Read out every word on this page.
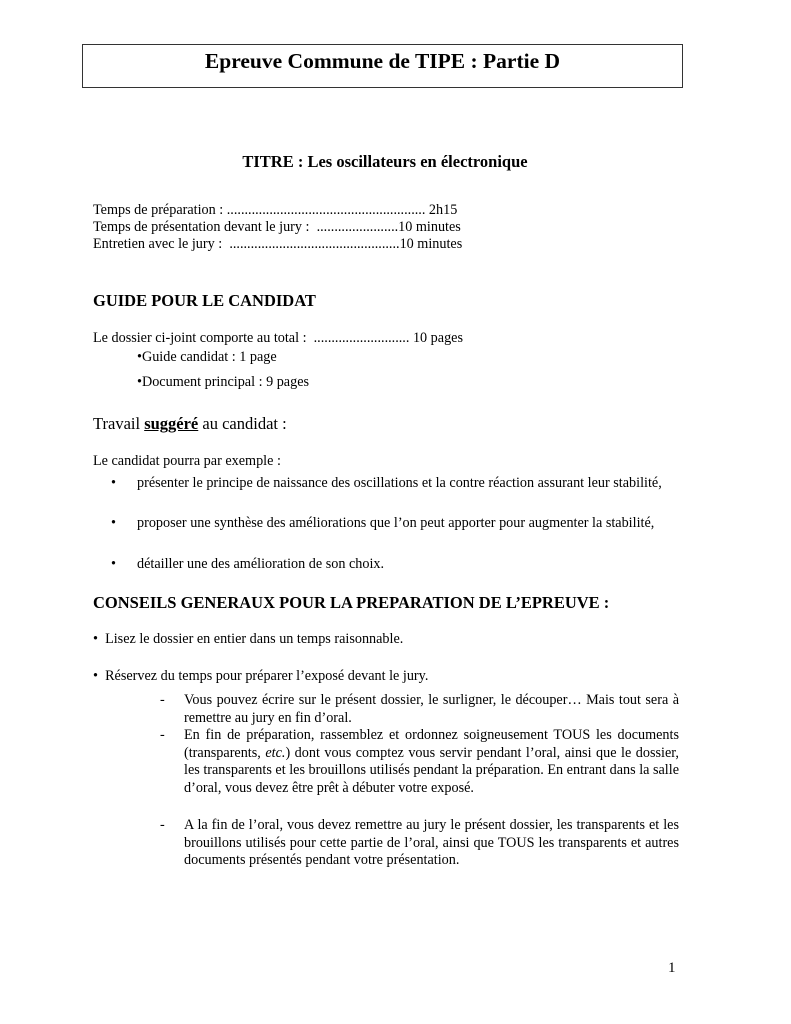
Epreuve Commune de TIPE : Partie D
TITRE : Les oscillateurs en électronique
Temps de préparation : ........................................................ 2h15
Temps de présentation devant le jury :  .......................10 minutes
Entretien avec le jury :  ................................................10 minutes
GUIDE POUR LE CANDIDAT
Le dossier ci-joint comporte au total :  ........................... 10 pages
•Guide candidat : 1 page
•Document principal : 9 pages
Travail suggéré au candidat :
Le candidat pourra par exemple :
• présenter le principe de naissance des oscillations et la contre réaction assurant leur stabilité,
• proposer une synthèse des améliorations que l’on peut apporter pour augmenter la stabilité,
• détailler une des amélioration de son choix.
CONSEILS GENERAUX POUR LA PREPARATION DE L’EPREUVE :
• Lisez le dossier en entier dans un temps raisonnable.
• Réservez du temps pour préparer l’exposé devant le jury.
- Vous pouvez écrire sur le présent dossier, le surligner, le découper… Mais tout sera à remettre au jury en fin d’oral.
- En fin de préparation, rassemblez et ordonnez soigneusement TOUS les documents (transparents, etc.) dont vous comptez vous servir pendant l’oral, ainsi que le dossier, les transparents et les brouillons utilisés pendant la préparation. En entrant dans la salle d’oral, vous devez être prêt à débuter votre exposé.
- A la fin de l’oral, vous devez remettre au jury le présent dossier, les transparents et les brouillons utilisés pour cette partie de l’oral, ainsi que TOUS les transparents et autres documents présentés pendant votre présentation.
1
